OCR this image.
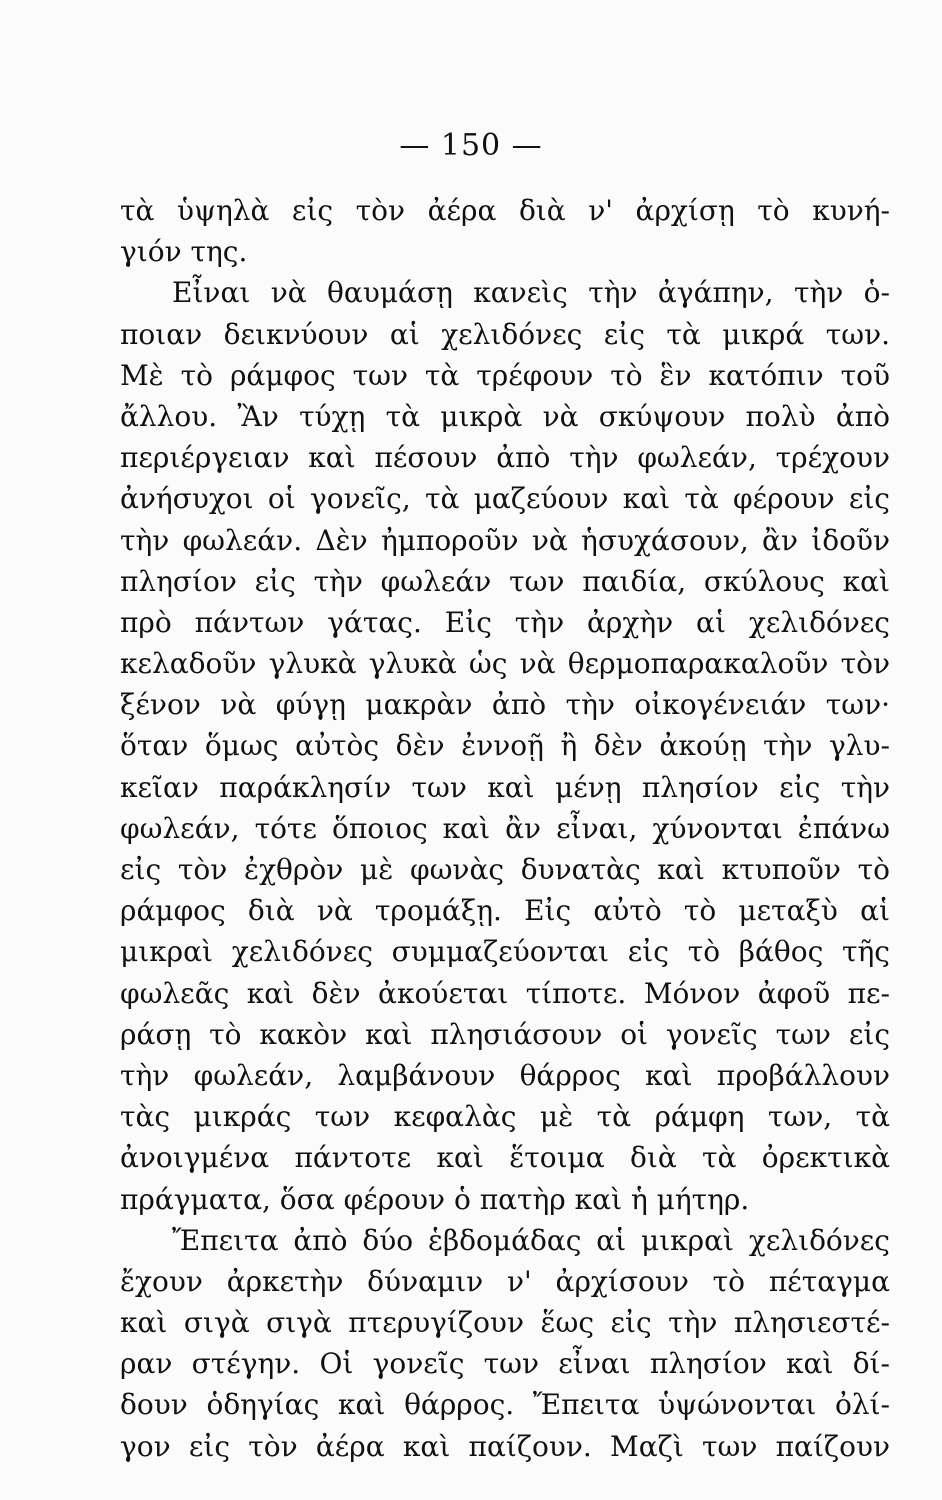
— 150 —
τὰ ὑψηλὰ εἰς τὸν ἀέρα διὰ ν' ἀρχίσῃ τὸ κυνή-
γιόν της.
Εἶναι νὰ θαυμάσῃ κανεὶς τὴν ἀγάπην, τὴν ὁ-
ποιαν δεικνύουν αἱ χελιδόνες εἰς τὰ μικρά των.
Μὲ τὸ ράμφος των τὰ τρέφουν τὸ ἓν κατόπιν τοῦ
ἄλλου. Ἂν τύχῃ τὰ μικρὰ νὰ σκύψουν πολὺ ἀπὸ
περιέργειαν καὶ πέσουν ἀπὸ τὴν φωλεάν, τρέχουν
ἀνήσυχοι οἱ γονεῖς, τὰ μαζεύουν καὶ τὰ φέρουν εἰς
τὴν φωλεάν. Δὲν ἠμποροῦν νὰ ἡσυχάσουν, ἂν ἰδοῦν
πλησίον εἰς τὴν φωλεάν των παιδία, σκύλους καὶ
πρὸ πάντων γάτας. Εἰς τὴν ἀρχὴν αἱ χελιδόνες
κελαδοῦν γλυκὰ γλυκὰ ὡς νὰ θερμοπαρακαλοῦν τὸν
ξένον νὰ φύγῃ μακρὰν ἀπὸ τὴν οἰκογένειάν των·
ὅταν ὅμως αὐτὸς δὲν ἐννοῇ ἢ δὲν ἀκούῃ τὴν γλυ-
κεῖαν παράκλησίν των καὶ μένῃ πλησίον εἰς τὴν
φωλεάν, τότε ὅποιος καὶ ἂν εἶναι, χύνονται ἐπάνω
εἰς τὸν ἐχθρὸν μὲ φωνὰς δυνατὰς καὶ κτυποῦν τὸ
ράμφος διὰ νὰ τρομάξῃ. Εἰς αὐτὸ τὸ μεταξὺ αἱ
μικραὶ χελιδόνες συμμαζεύονται εἰς τὸ βάθος τῆς
φωλεᾶς καὶ δὲν ἀκούεται τίποτε. Μόνον ἀφοῦ πε-
ράσῃ τὸ κακὸν καὶ πλησιάσουν οἱ γονεῖς των εἰς
τὴν φωλεάν, λαμβάνουν θάρρος καὶ προβάλλουν
τὰς μικράς των κεφαλὰς μὲ τὰ ράμφη των, τὰ
ἀνοιγμένα πάντοτε καὶ ἕτοιμα διὰ τὰ ὀρεκτικὰ
πράγματα, ὅσα φέρουν ὁ πατὴρ καὶ ἡ μήτηρ.
Ἔπειτα ἀπὸ δύο ἑβδομάδας αἱ μικραὶ χελιδόνες
ἔχουν ἀρκετὴν δύναμιν ν' ἀρχίσουν τὸ πέταγμα
καὶ σιγὰ σιγὰ πτερυγίζουν ἕως εἰς τὴν πλησιεστέ-
ραν στέγην. Οἱ γονεῖς των εἶναι πλησίον καὶ δί-
δουν ὁδηγίας καὶ θάρρος. Ἔπειτα ὑψώνονται ὀλί-
γον εἰς τὸν ἀέρα καὶ παίζουν. Μαζὶ των παίζουν
